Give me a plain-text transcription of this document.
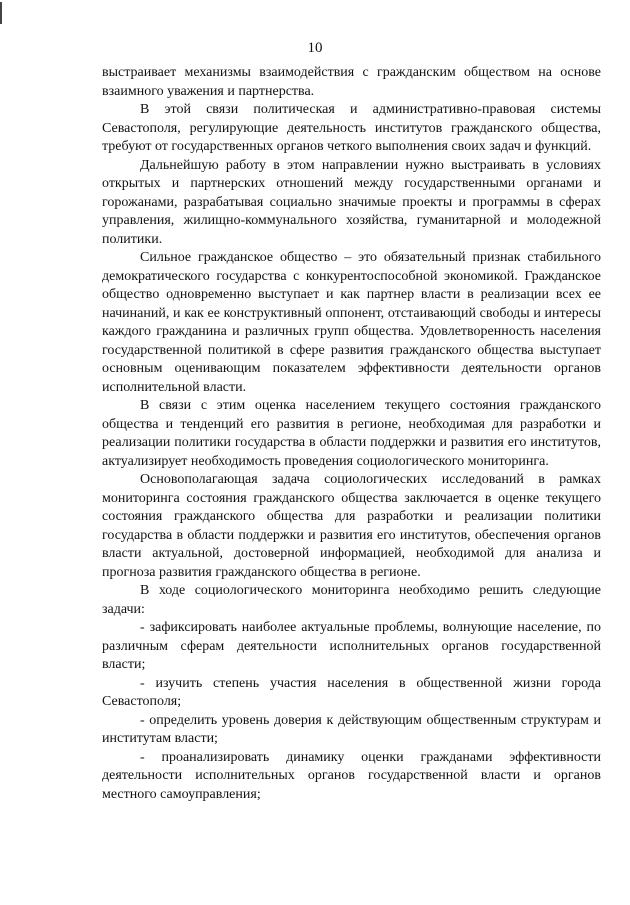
10

выстраивает механизмы взаимодействия с гражданским обществом на основе взаимного уважения и партнерства.

В этой связи политическая и административно-правовая системы Севастополя, регулирующие деятельность институтов гражданского общества, требуют от государственных органов четкого выполнения своих задач и функций.

Дальнейшую работу в этом направлении нужно выстраивать в условиях открытых и партнерских отношений между государственными органами и горожанами, разрабатывая социально значимые проекты и программы в сферах управления, жилищно-коммунального хозяйства, гуманитарной и молодежной политики.

Сильное гражданское общество – это обязательный признак стабильного демократического государства с конкурентоспособной экономикой. Гражданское общество одновременно выступает и как партнер власти в реализации всех ее начинаний, и как ее конструктивный оппонент, отстаивающий свободы и интересы каждого гражданина и различных групп общества. Удовлетворенность населения государственной политикой в сфере развития гражданского общества выступает основным оценивающим показателем эффективности деятельности органов исполнительной власти.

В связи с этим оценка населением текущего состояния гражданского общества и тенденций его развития в регионе, необходимая для разработки и реализации политики государства в области поддержки и развития его институтов, актуализирует необходимость проведения социологического мониторинга.

Основополагающая задача социологических исследований в рамках мониторинга состояния гражданского общества заключается в оценке текущего состояния гражданского общества для разработки и реализации политики государства в области поддержки и развития его институтов, обеспечения органов власти актуальной, достоверной информацией, необходимой для анализа и прогноза развития гражданского общества в регионе.

В ходе социологического мониторинга необходимо решить следующие задачи:

- зафиксировать наиболее актуальные проблемы, волнующие население, по различным сферам деятельности исполнительных органов государственной власти;

- изучить степень участия населения в общественной жизни города Севастополя;

- определить уровень доверия к действующим общественным структурам и институтам власти;

- проанализировать динамику оценки гражданами эффективности деятельности исполнительных органов государственной власти и органов местного самоуправления;
